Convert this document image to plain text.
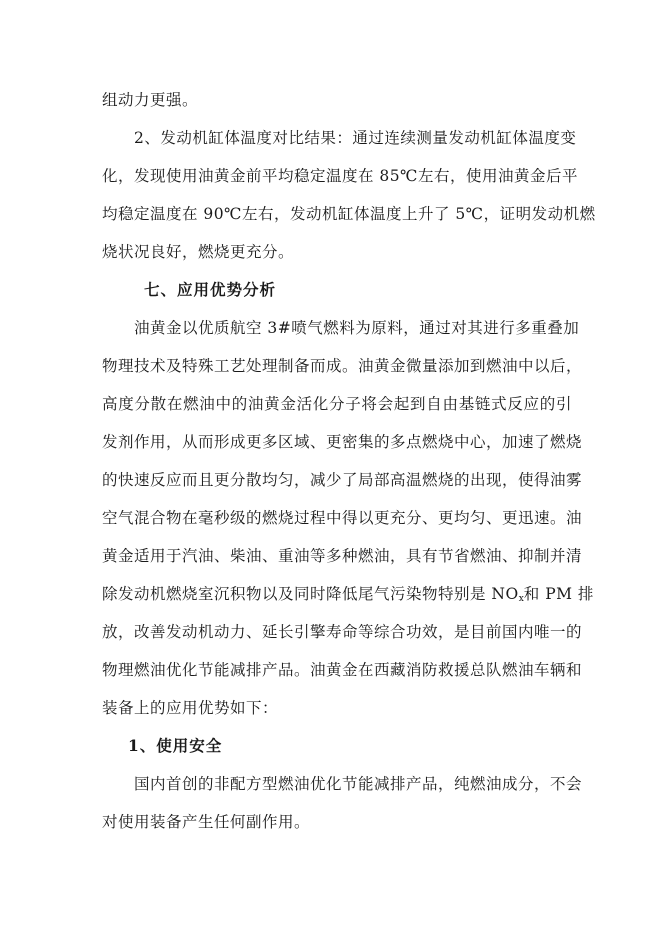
组动力更强。
2、发动机缸体温度对比结果：通过连续测量发动机缸体温度变
化，发现使用油黄金前平均稳定温度在 85℃左右，使用油黄金后平
均稳定温度在 90℃左右，发动机缸体温度上升了 5℃，证明发动机燃
烧状况良好，燃烧更充分。
七、应用优势分析
油黄金以优质航空 3#喷气燃料为原料，通过对其进行多重叠加
物理技术及特殊工艺处理制备而成。油黄金微量添加到燃油中以后，
高度分散在燃油中的油黄金活化分子将会起到自由基链式反应的引
发剂作用，从而形成更多区域、更密集的多点燃烧中心，加速了燃烧
的快速反应而且更分散均匀，减少了局部高温燃烧的出现，使得油雾
空气混合物在毫秒级的燃烧过程中得以更充分、更均匀、更迅速。油
黄金适用于汽油、柴油、重油等多种燃油，具有节省燃油、抑制并清
除发动机燃烧室沉积物以及同时降低尾气污染物特别是 $NO_x$和 PM 排
放，改善发动机动力、延长引擎寿命等综合功效，是目前国内唯一的
物理燃油优化节能减排产品。油黄金在西藏消防救援总队燃油车辆和
装备上的应用优势如下：
1、使用安全
国内首创的非配方型燃油优化节能减排产品，纯燃油成分，不会
对使用装备产生任何副作用。
